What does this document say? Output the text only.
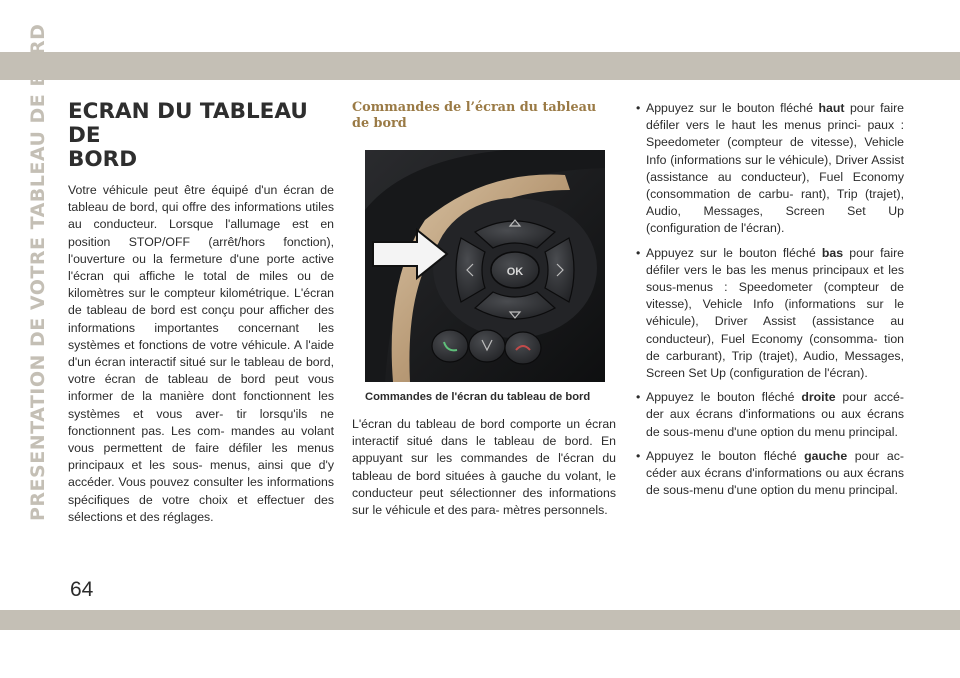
PRESENTATION DE VOTRE TABLEAU DE BORD ECRAN DU TABLEAU DE
BORD

Votre véhicule peut être équipé d'un écran de tableau de bord, qui offre des informations utiles au conducteur. Lorsque l'allumage est en position STOP/OFF (arrêt/hors fonction), l'ouverture ou la fermeture d'une porte active l'écran qui affiche le total de miles ou de kilomètres sur le compteur kilométrique. L'écran de tableau de bord est conçu pour afficher des informations importantes concernant les systèmes et fonctions de votre véhicule. A l'aide d'un écran interactif situé sur le tableau de bord, votre écran de tableau de bord peut vous informer de la manière dont fonctionnent les systèmes et vous aver- tir lorsqu'ils ne fonctionnent pas. Les com- mandes au volant vous permettent de faire défiler les menus principaux et les sous- menus, ainsi que d'y accéder. Vous pouvez consulter les informations spécifiques de votre choix et effectuer des sélections et des réglages.

Commandes de l’écran du tableau de bord
OK

Commandes de l'écran du tableau de bord

L'écran du tableau de bord comporte un écran interactif situé dans le tableau de bord. En appuyant sur les commandes de l'écran du tableau de bord situées à gauche du volant, le conducteur peut sélectionner des informations sur le véhicule et des para- mètres personnels.

• Appuyez sur le bouton fléché haut pour faire défiler vers le haut les menus princi- paux : Speedometer (compteur de vitesse), Vehicle Info (informations sur le véhicule), Driver Assist (assistance au conducteur), Fuel Economy (consommation de carbu- rant), Trip (trajet), Audio, Messages, Screen Set Up (configuration de l'écran).
• Appuyez sur le bouton fléché bas pour faire défiler vers le bas les menus principaux et les sous-menus : Speedometer (compteur de vitesse), Vehicle Info (informations sur le véhicule), Driver Assist (assistance au conducteur), Fuel Economy (consomma- tion de carburant), Trip (trajet), Audio, Messages, Screen Set Up (configuration de l'écran).
• Appuyez le bouton fléché droite pour accé- der aux écrans d'informations ou aux écrans de sous-menu d'une option du menu principal.
• Appuyez le bouton fléché gauche pour ac- céder aux écrans d'informations ou aux écrans de sous-menu d'une option du menu principal.
64
